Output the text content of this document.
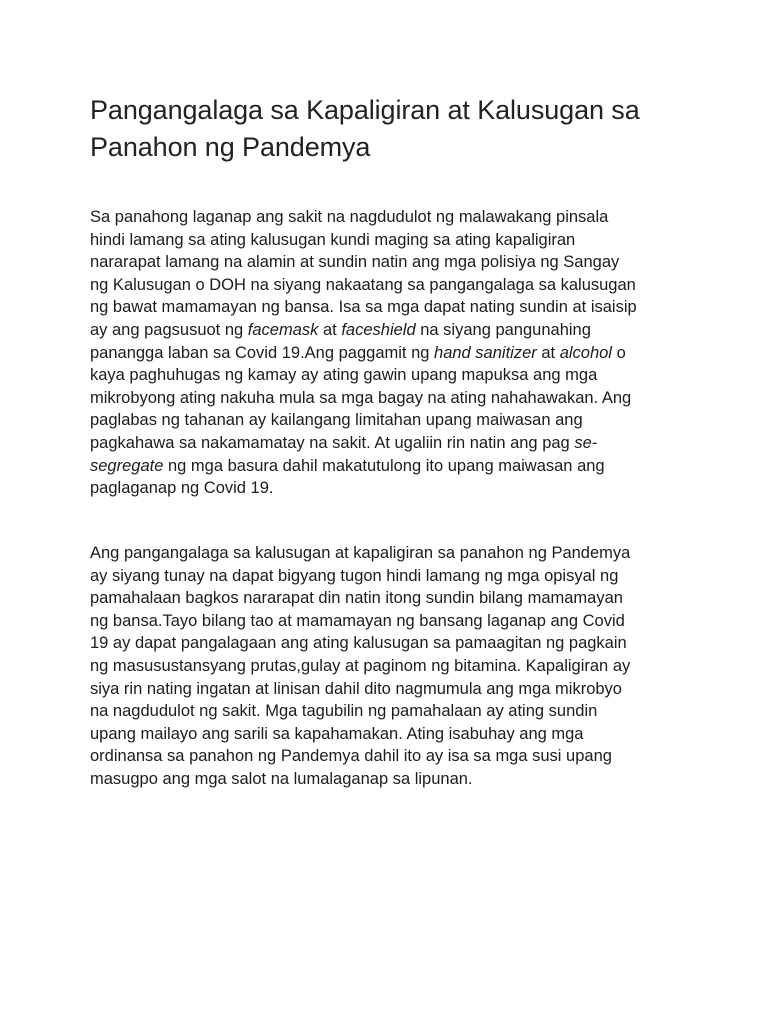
Pangangalaga sa Kapaligiran at Kalusugan sa
Panahon ng Pandemya
Sa panahong laganap ang sakit na nagdudulot ng malawakang pinsala
hindi lamang sa ating kalusugan kundi maging sa ating kapaligiran
nararapat lamang na alamin at sundin natin ang mga polisiya ng Sangay
ng Kalusugan o DOH na siyang nakaatang sa pangangalaga sa kalusugan
ng bawat mamamayan ng bansa. Isa sa mga dapat nating sundin at isaisip
ay ang pagsusuot ng facemask at faceshield na siyang pangunahing
panangga laban sa Covid 19.Ang paggamit ng hand sanitizer at alcohol o
kaya paghuhugas ng kamay ay ating gawin upang mapuksa ang mga
mikrobyong ating nakuha mula sa mga bagay na ating nahahawakan. Ang
paglabas ng tahanan ay kailangang limitahan upang maiwasan ang
pagkahawa sa nakamamatay na sakit. At ugaliin rin natin ang pag se-
segregate ng mga basura dahil makatutulong ito upang maiwasan ang
paglaganap ng Covid 19.
Ang pangangalaga sa kalusugan at kapaligiran sa panahon ng Pandemya
ay siyang tunay na dapat bigyang tugon hindi lamang ng mga opisyal ng
pamahalaan bagkos nararapat din natin itong sundin bilang mamamayan
ng bansa.Tayo bilang tao at mamamayan ng bansang laganap ang Covid
19 ay dapat pangalagaan ang ating kalusugan sa pamaagitan ng pagkain
ng masusustansyang prutas,gulay at paginom ng bitamina. Kapaligiran ay
siya rin nating ingatan at linisan dahil dito nagmumula ang mga mikrobyo
na nagdudulot ng sakit. Mga tagubilin ng pamahalaan ay ating sundin
upang mailayo ang sarili sa kapahamakan. Ating isabuhay ang mga
ordinansa sa panahon ng Pandemya dahil ito ay isa sa mga susi upang
masugpo ang mga salot na lumalaganap sa lipunan.
